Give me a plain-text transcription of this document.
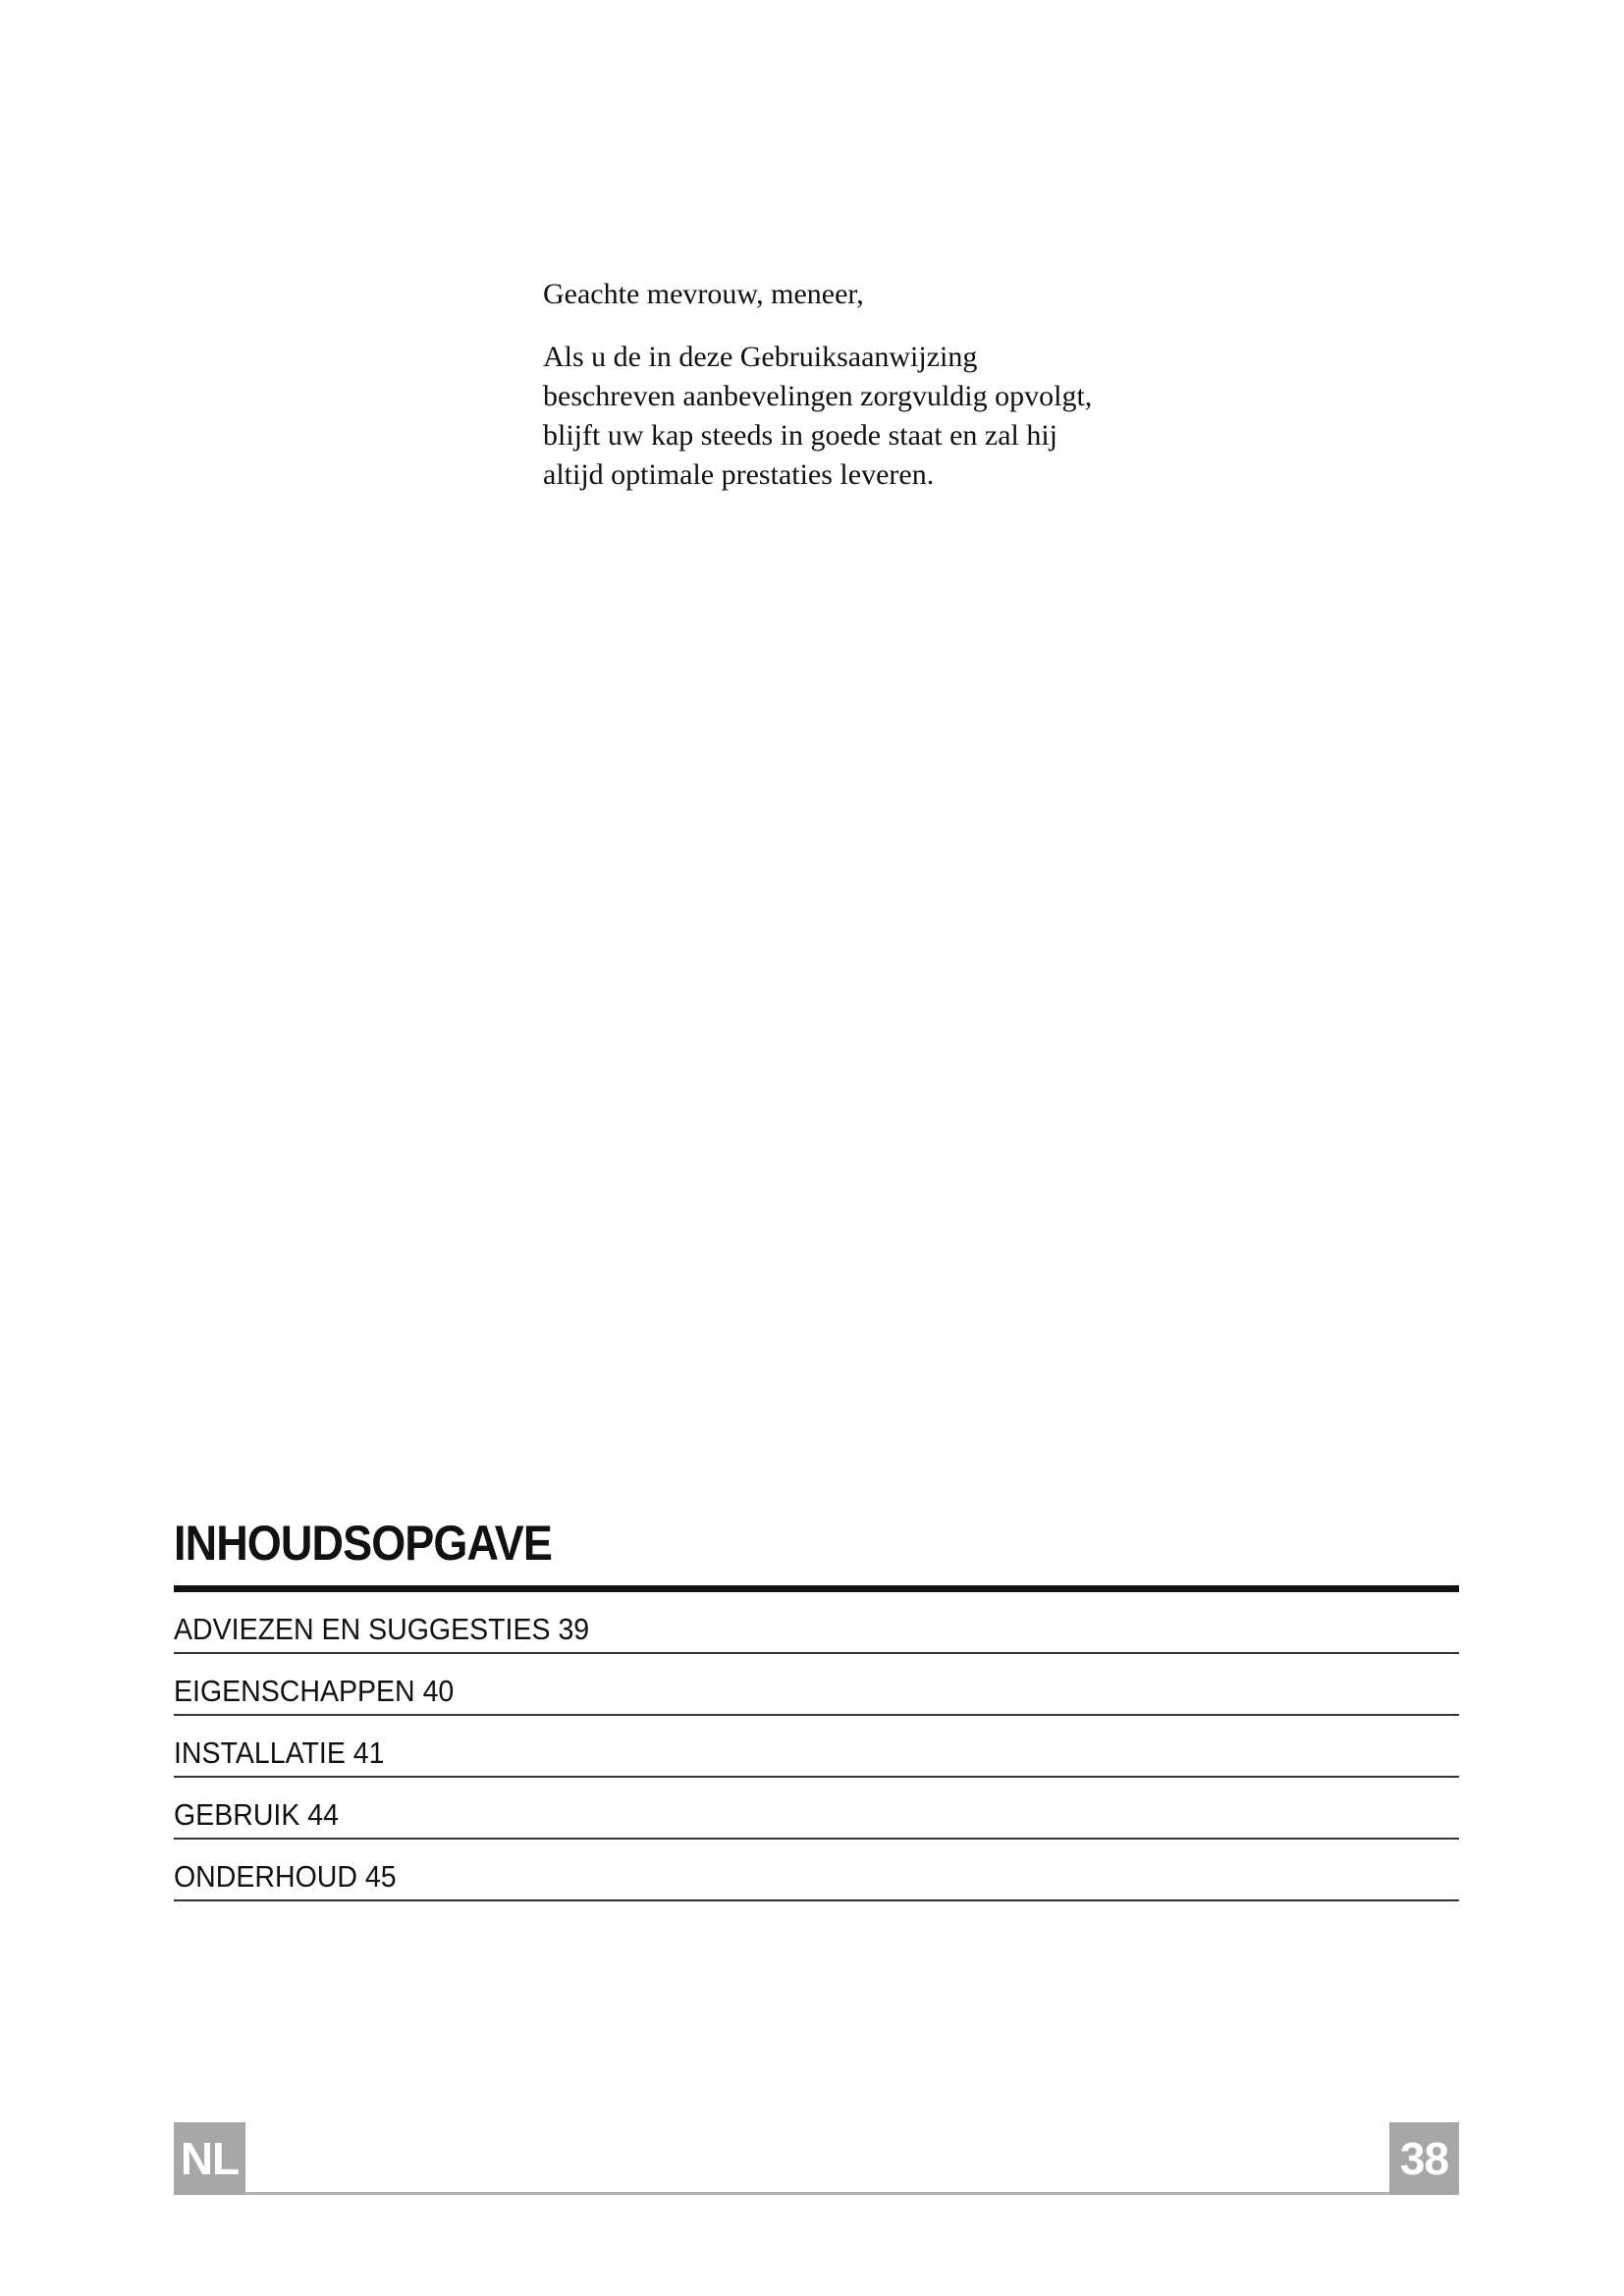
Geachte mevrouw, meneer,

Als u de in deze Gebruiksaanwijzing beschreven aanbevelingen zorgvuldig opvolgt, blijft uw kap steeds in goede staat en zal hij altijd optimale prestaties leveren.

INHOUDSOPGAVE
ADVIEZEN EN SUGGESTIES 39
EIGENSCHAPPEN 40
INSTALLATIE 41
GEBRUIK 44
ONDERHOUD 45
NL	38
